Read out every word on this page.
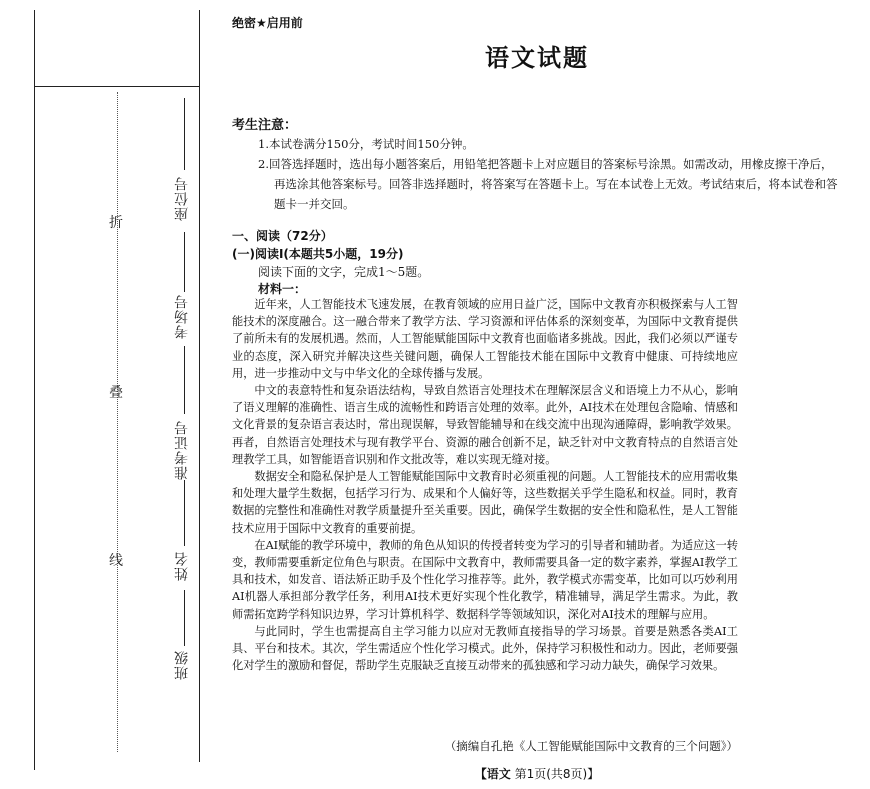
折
叠
线
座位号
考场号
准考证号
姓名
班级
绝密★启用前
语文试题
考生注意：

1.本试卷满分150分，考试时间150分钟。

2.回答选择题时，选出每小题答案后，用铅笔把答题卡上对应题目的答案标号涂黑。如需改动，用橡皮擦干净后，再选涂其他答案标号。回答非选择题时，将答案写在答题卡上。写在本试卷上无效。考试结束后，将本试卷和答题卡一并交回。

一、阅读（72分）
(一)阅读Ⅰ(本题共5小题，19分)
阅读下面的文字，完成1～5题。
材料一：

近年来，人工智能技术飞速发展，在教育领域的应用日益广泛，国际中文教育亦积极探索与人工智能技术的深度融合。这一融合带来了教学方法、学习资源和评估体系的深刻变革，为国际中文教育提供了前所未有的发展机遇。然而，人工智能赋能国际中文教育也面临诸多挑战。因此，我们必须以严谨专业的态度，深入研究并解决这些关键问题，确保人工智能技术能在国际中文教育中健康、可持续地应用，进一步推动中文与中华文化的全球传播与发展。

中文的表意特性和复杂语法结构，导致自然语言处理技术在理解深层含义和语境上力不从心，影响了语义理解的准确性、语言生成的流畅性和跨语言处理的效率。此外，AI技术在处理包含隐喻、情感和文化背景的复杂语言表达时，常出现误解，导致智能辅导和在线交流中出现沟通障碍，影响教学效果。再者，自然语言处理技术与现有教学平台、资源的融合创新不足，缺乏针对中文教育特点的自然语言处理教学工具，如智能语音识别和作文批改等，难以实现无缝对接。

数据安全和隐私保护是人工智能赋能国际中文教育时必须重视的问题。人工智能技术的应用需收集和处理大量学生数据，包括学习行为、成果和个人偏好等，这些数据关乎学生隐私和权益。同时，教育数据的完整性和准确性对教学质量提升至关重要。因此，确保学生数据的安全性和隐私性，是人工智能技术应用于国际中文教育的重要前提。

在AI赋能的教学环境中，教师的角色从知识的传授者转变为学习的引导者和辅助者。为适应这一转变，教师需要重新定位角色与职责。在国际中文教育中，教师需要具备一定的数字素养，掌握AI教学工具和技术，如发音、语法矫正助手及个性化学习推荐等。此外，教学模式亦需变革，比如可以巧妙利用AI机器人承担部分教学任务，利用AI技术更好实现个性化教学，精准辅导，满足学生需求。为此，教师需拓宽跨学科知识边界，学习计算机科学、数据科学等领域知识，深化对AI技术的理解与应用。

与此同时，学生也需提高自主学习能力以应对无教师直接指导的学习场景。首要是熟悉各类AI工具、平台和技术。其次，学生需适应个性化学习模式。此外，保持学习积极性和动力。因此，老师要强化对学生的激励和督促，帮助学生克服缺乏直接互动带来的孤独感和学习动力缺失，确保学习效果。

（摘编自孔艳《人工智能赋能国际中文教育的三个问题》）
【语文 第1页(共8页)】
